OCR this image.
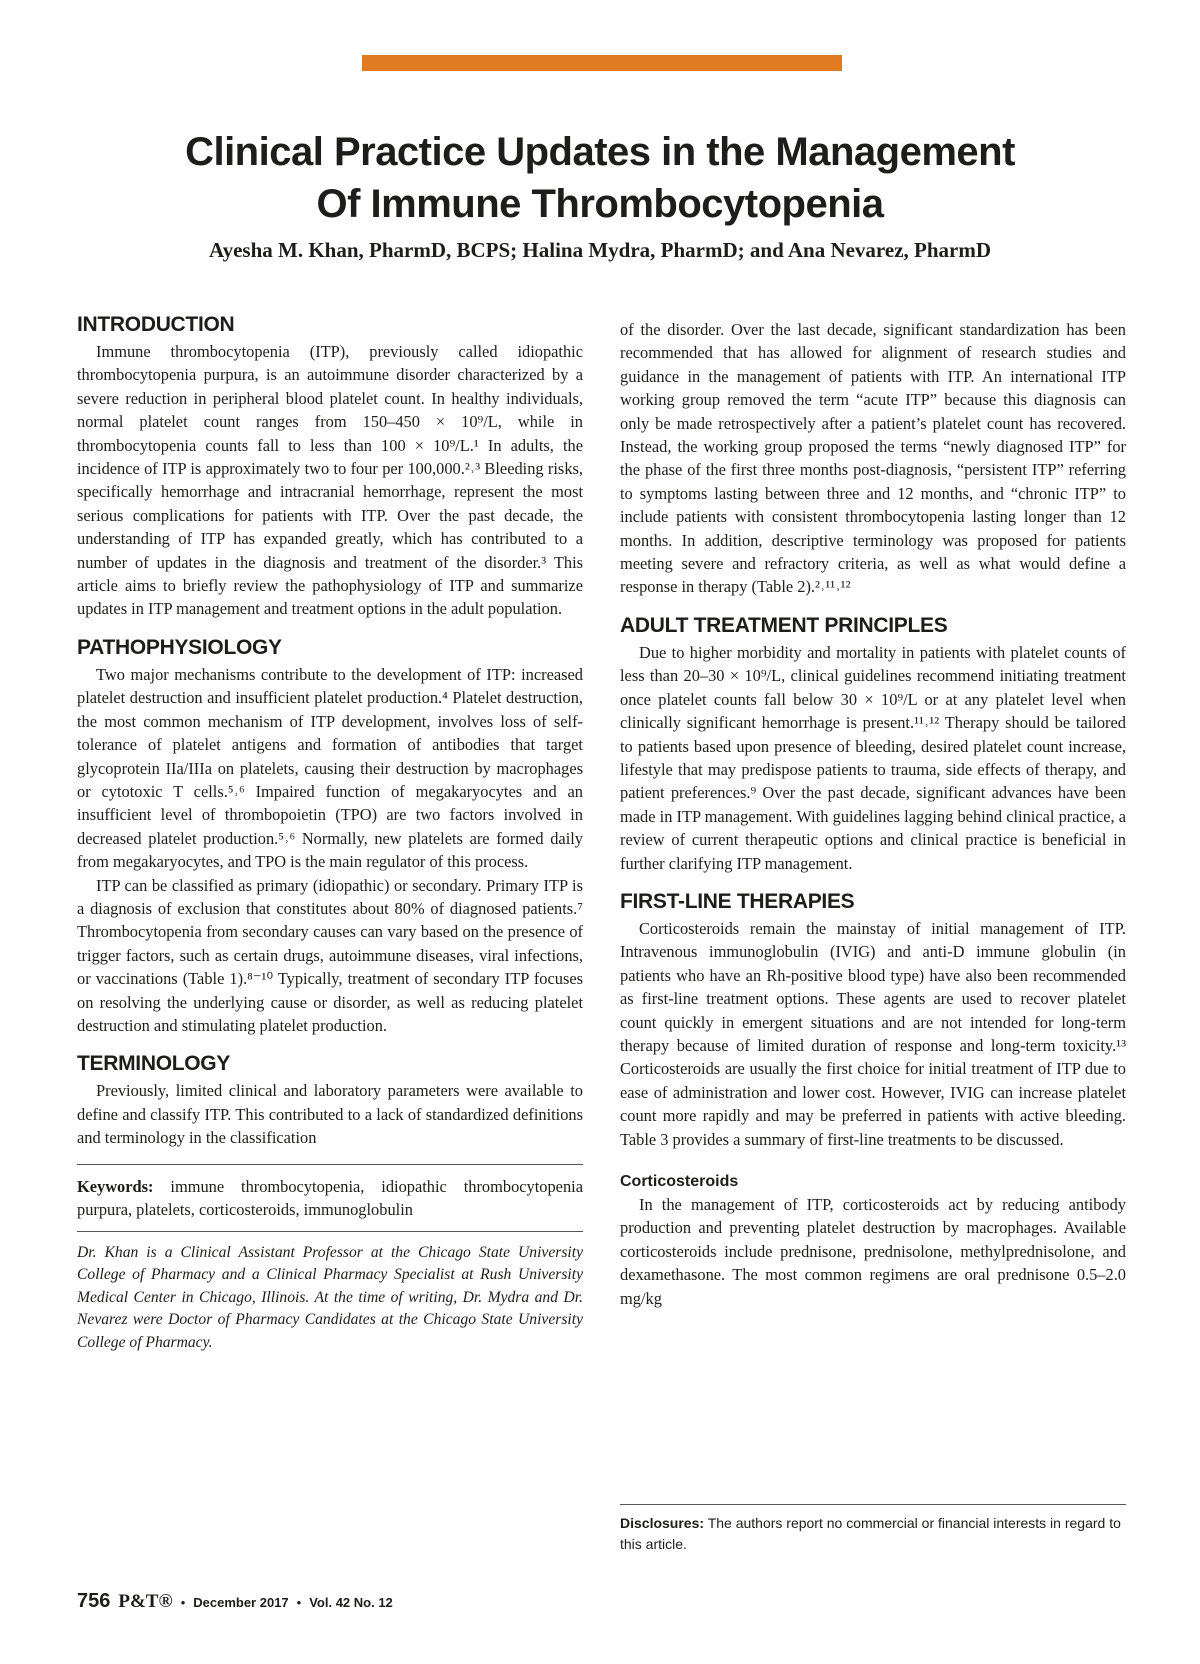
Clinical Practice Updates in the Management
Of Immune Thrombocytopenia
Ayesha M. Khan, PharmD, BCPS; Halina Mydra, PharmD; and Ana Nevarez, PharmD
INTRODUCTION

Immune thrombocytopenia (ITP), previously called idiopathic thrombocytopenia purpura, is an autoimmune disorder characterized by a severe reduction in peripheral blood platelet count. In healthy individuals, normal platelet count ranges from 150–450 × 10⁹/L, while in thrombocytopenia counts fall to less than 100 × 10⁹/L.¹ In adults, the incidence of ITP is approximately two to four per 100,000.²˒³ Bleeding risks, specifically hemorrhage and intracranial hemorrhage, represent the most serious complications for patients with ITP. Over the past decade, the understanding of ITP has expanded greatly, which has contributed to a number of updates in the diagnosis and treatment of the disorder.³ This article aims to briefly review the pathophysiology of ITP and summarize updates in ITP management and treatment options in the adult population.

PATHOPHYSIOLOGY

Two major mechanisms contribute to the development of ITP: increased platelet destruction and insufficient platelet production.⁴ Platelet destruction, the most common mechanism of ITP development, involves loss of self-tolerance of platelet antigens and formation of antibodies that target glycoprotein IIa/IIIa on platelets, causing their destruction by macrophages or cytotoxic T cells.⁵˒⁶ Impaired function of megakaryocytes and an insufficient level of thrombopoietin (TPO) are two factors involved in decreased platelet production.⁵˒⁶ Normally, new platelets are formed daily from megakaryocytes, and TPO is the main regulator of this process.

ITP can be classified as primary (idiopathic) or secondary. Primary ITP is a diagnosis of exclusion that constitutes about 80% of diagnosed patients.⁷ Thrombocytopenia from secondary causes can vary based on the presence of trigger factors, such as certain drugs, autoimmune diseases, viral infections, or vaccinations (Table 1).⁸⁻¹⁰ Typically, treatment of secondary ITP focuses on resolving the underlying cause or disorder, as well as reducing platelet destruction and stimulating platelet production.

TERMINOLOGY

Previously, limited clinical and laboratory parameters were available to define and classify ITP. This contributed to a lack of standardized definitions and terminology in the classification

Keywords: immune thrombocytopenia, idiopathic thrombocytopenia purpura, platelets, corticosteroids, immunoglobulin

Dr. Khan is a Clinical Assistant Professor at the Chicago State University College of Pharmacy and a Clinical Pharmacy Specialist at Rush University Medical Center in Chicago, Illinois. At the time of writing, Dr. Mydra and Dr. Nevarez were Doctor of Pharmacy Candidates at the Chicago State University College of Pharmacy.

of the disorder. Over the last decade, significant standardization has been recommended that has allowed for alignment of research studies and guidance in the management of patients with ITP. An international ITP working group removed the term “acute ITP” because this diagnosis can only be made retrospectively after a patient’s platelet count has recovered. Instead, the working group proposed the terms “newly diagnosed ITP” for the phase of the first three months post-diagnosis, “persistent ITP” referring to symptoms lasting between three and 12 months, and “chronic ITP” to include patients with consistent thrombocytopenia lasting longer than 12 months. In addition, descriptive terminology was proposed for patients meeting severe and refractory criteria, as well as what would define a response in therapy (Table 2).²˒¹¹˒¹²

ADULT TREATMENT PRINCIPLES

Due to higher morbidity and mortality in patients with platelet counts of less than 20–30 × 10⁹/L, clinical guidelines recommend initiating treatment once platelet counts fall below 30 × 10⁹/L or at any platelet level when clinically significant hemorrhage is present.¹¹˒¹² Therapy should be tailored to patients based upon presence of bleeding, desired platelet count increase, lifestyle that may predispose patients to trauma, side effects of therapy, and patient preferences.⁹ Over the past decade, significant advances have been made in ITP management. With guidelines lagging behind clinical practice, a review of current therapeutic options and clinical practice is beneficial in further clarifying ITP management.

FIRST-LINE THERAPIES

Corticosteroids remain the mainstay of initial management of ITP. Intravenous immunoglobulin (IVIG) and anti-D immune globulin (in patients who have an Rh-positive blood type) have also been recommended as first-line treatment options. These agents are used to recover platelet count quickly in emergent situations and are not intended for long-term therapy because of limited duration of response and long-term toxicity.¹³ Corticosteroids are usually the first choice for initial treatment of ITP due to ease of administration and lower cost. However, IVIG can increase platelet count more rapidly and may be preferred in patients with active bleeding. Table 3 provides a summary of first-line treatments to be discussed.

Corticosteroids

In the management of ITP, corticosteroids act by reducing antibody production and preventing platelet destruction by macrophages. Available corticosteroids include prednisone, prednisolone, methylprednisolone, and dexamethasone. The most common regimens are oral prednisone 0.5–2.0 mg/kg

Disclosures: The authors report no commercial or financial interests in regard to this article.
756 P&T® • December 2017 • Vol. 42 No. 12
